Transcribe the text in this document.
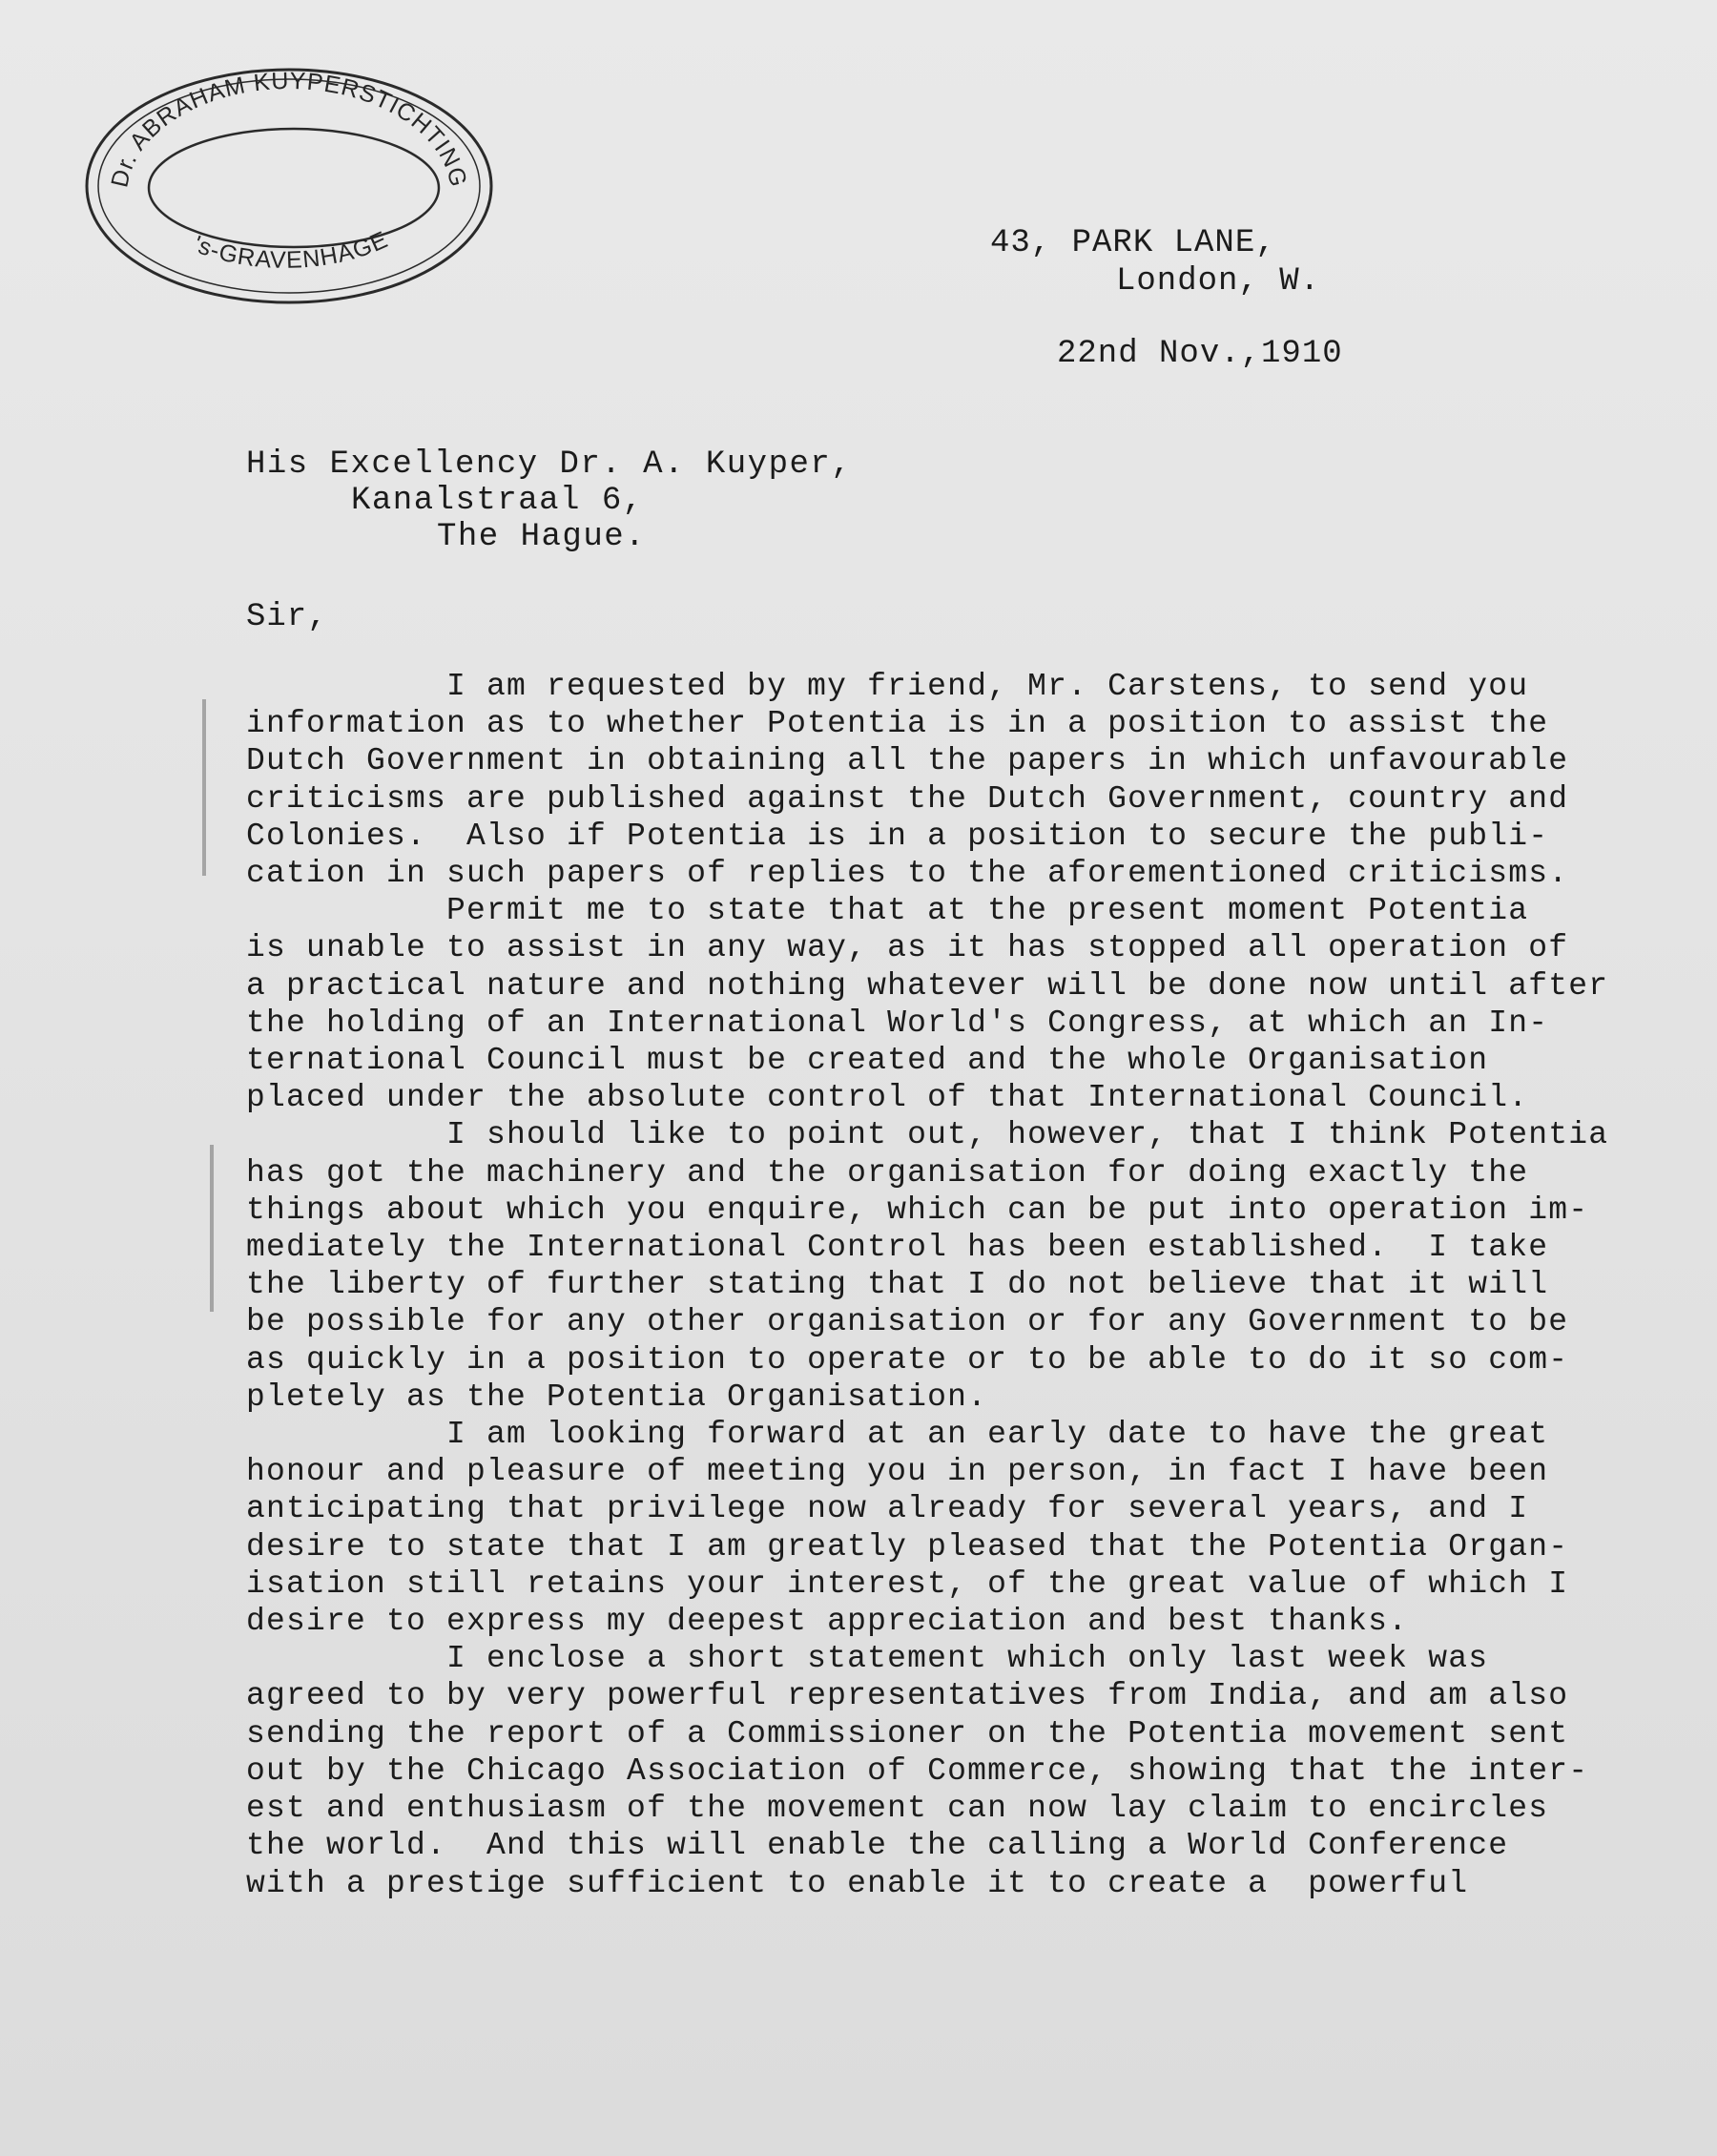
Dr. ABRAHAM KUYPERSTICHTING
's-GRAVENHAGE	43, PARK LANE,
London, W.
22nd Nov.,1910
His Excellency Dr. A. Kuyper,
Kanalstraal 6,
The Hague.
Sir,
I am requested by my friend, Mr. Carstens, to send you
information as to whether Potentia is in a position to assist the
Dutch Government in obtaining all the papers in which unfavourable
criticisms are published against the Dutch Government, country and
Colonies.  Also if Potentia is in a position to secure the publi-
cation in such papers of replies to the aforementioned criticisms.
Permit me to state that at the present moment Potentia
is unable to assist in any way, as it has stopped all operation of
a practical nature and nothing whatever will be done now until after
the holding of an International World's Congress, at which an In-
ternational Council must be created and the whole Organisation
placed under the absolute control of that International Council.
I should like to point out, however, that I think Potentia
has got the machinery and the organisation for doing exactly the
things about which you enquire, which can be put into operation im-
mediately the International Control has been established.  I take
the liberty of further stating that I do not believe that it will
be possible for any other organisation or for any Government to be
as quickly in a position to operate or to be able to do it so com-
pletely as the Potentia Organisation.
I am looking forward at an early date to have the great
honour and pleasure of meeting you in person, in fact I have been
anticipating that privilege now already for several years, and I
desire to state that I am greatly pleased that the Potentia Organ-
isation still retains your interest, of the great value of which I
desire to express my deepest appreciation and best thanks.
I enclose a short statement which only last week was
agreed to by very powerful representatives from India, and am also
sending the report of a Commissioner on the Potentia movement sent
out by the Chicago Association of Commerce, showing that the inter-
est and enthusiasm of the movement can now lay claim to encircles
the world.  And this will enable the calling a World Conference
with a prestige sufficient to enable it to create a  powerful
